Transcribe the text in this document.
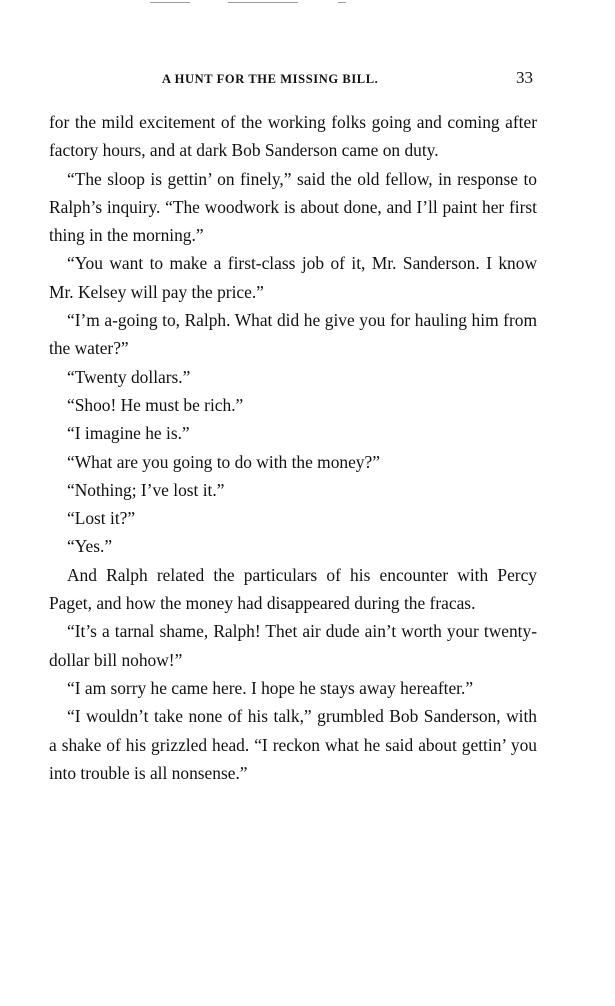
A HUNT FOR THE MISSING BILL.	33

for the mild excitement of the working folks going and coming after factory hours, and at dark Bob Sanderson came on duty.

“The sloop is gettin’ on finely,” said the old fellow, in response to Ralph’s inquiry. “The woodwork is about done, and I’ll paint her first thing in the morning.”

“You want to make a first-class job of it, Mr. Sanderson. I know Mr. Kelsey will pay the price.”

“I’m a-going to, Ralph. What did he give you for hauling him from the water?”

“Twenty dollars.”

“Shoo! He must be rich.”

“I imagine he is.”

“What are you going to do with the money?”

“Nothing; I’ve lost it.”

“Lost it?”

“Yes.”

And Ralph related the particulars of his encounter with Percy Paget, and how the money had disappeared during the fracas.

“It’s a tarnal shame, Ralph! Thet air dude ain’t worth your twenty-dollar bill nohow!”

“I am sorry he came here. I hope he stays away hereafter.”

“I wouldn’t take none of his talk,” grumbled Bob Sanderson, with a shake of his grizzled head. “I reckon what he said about gettin’ you into trouble is all nonsense.”
